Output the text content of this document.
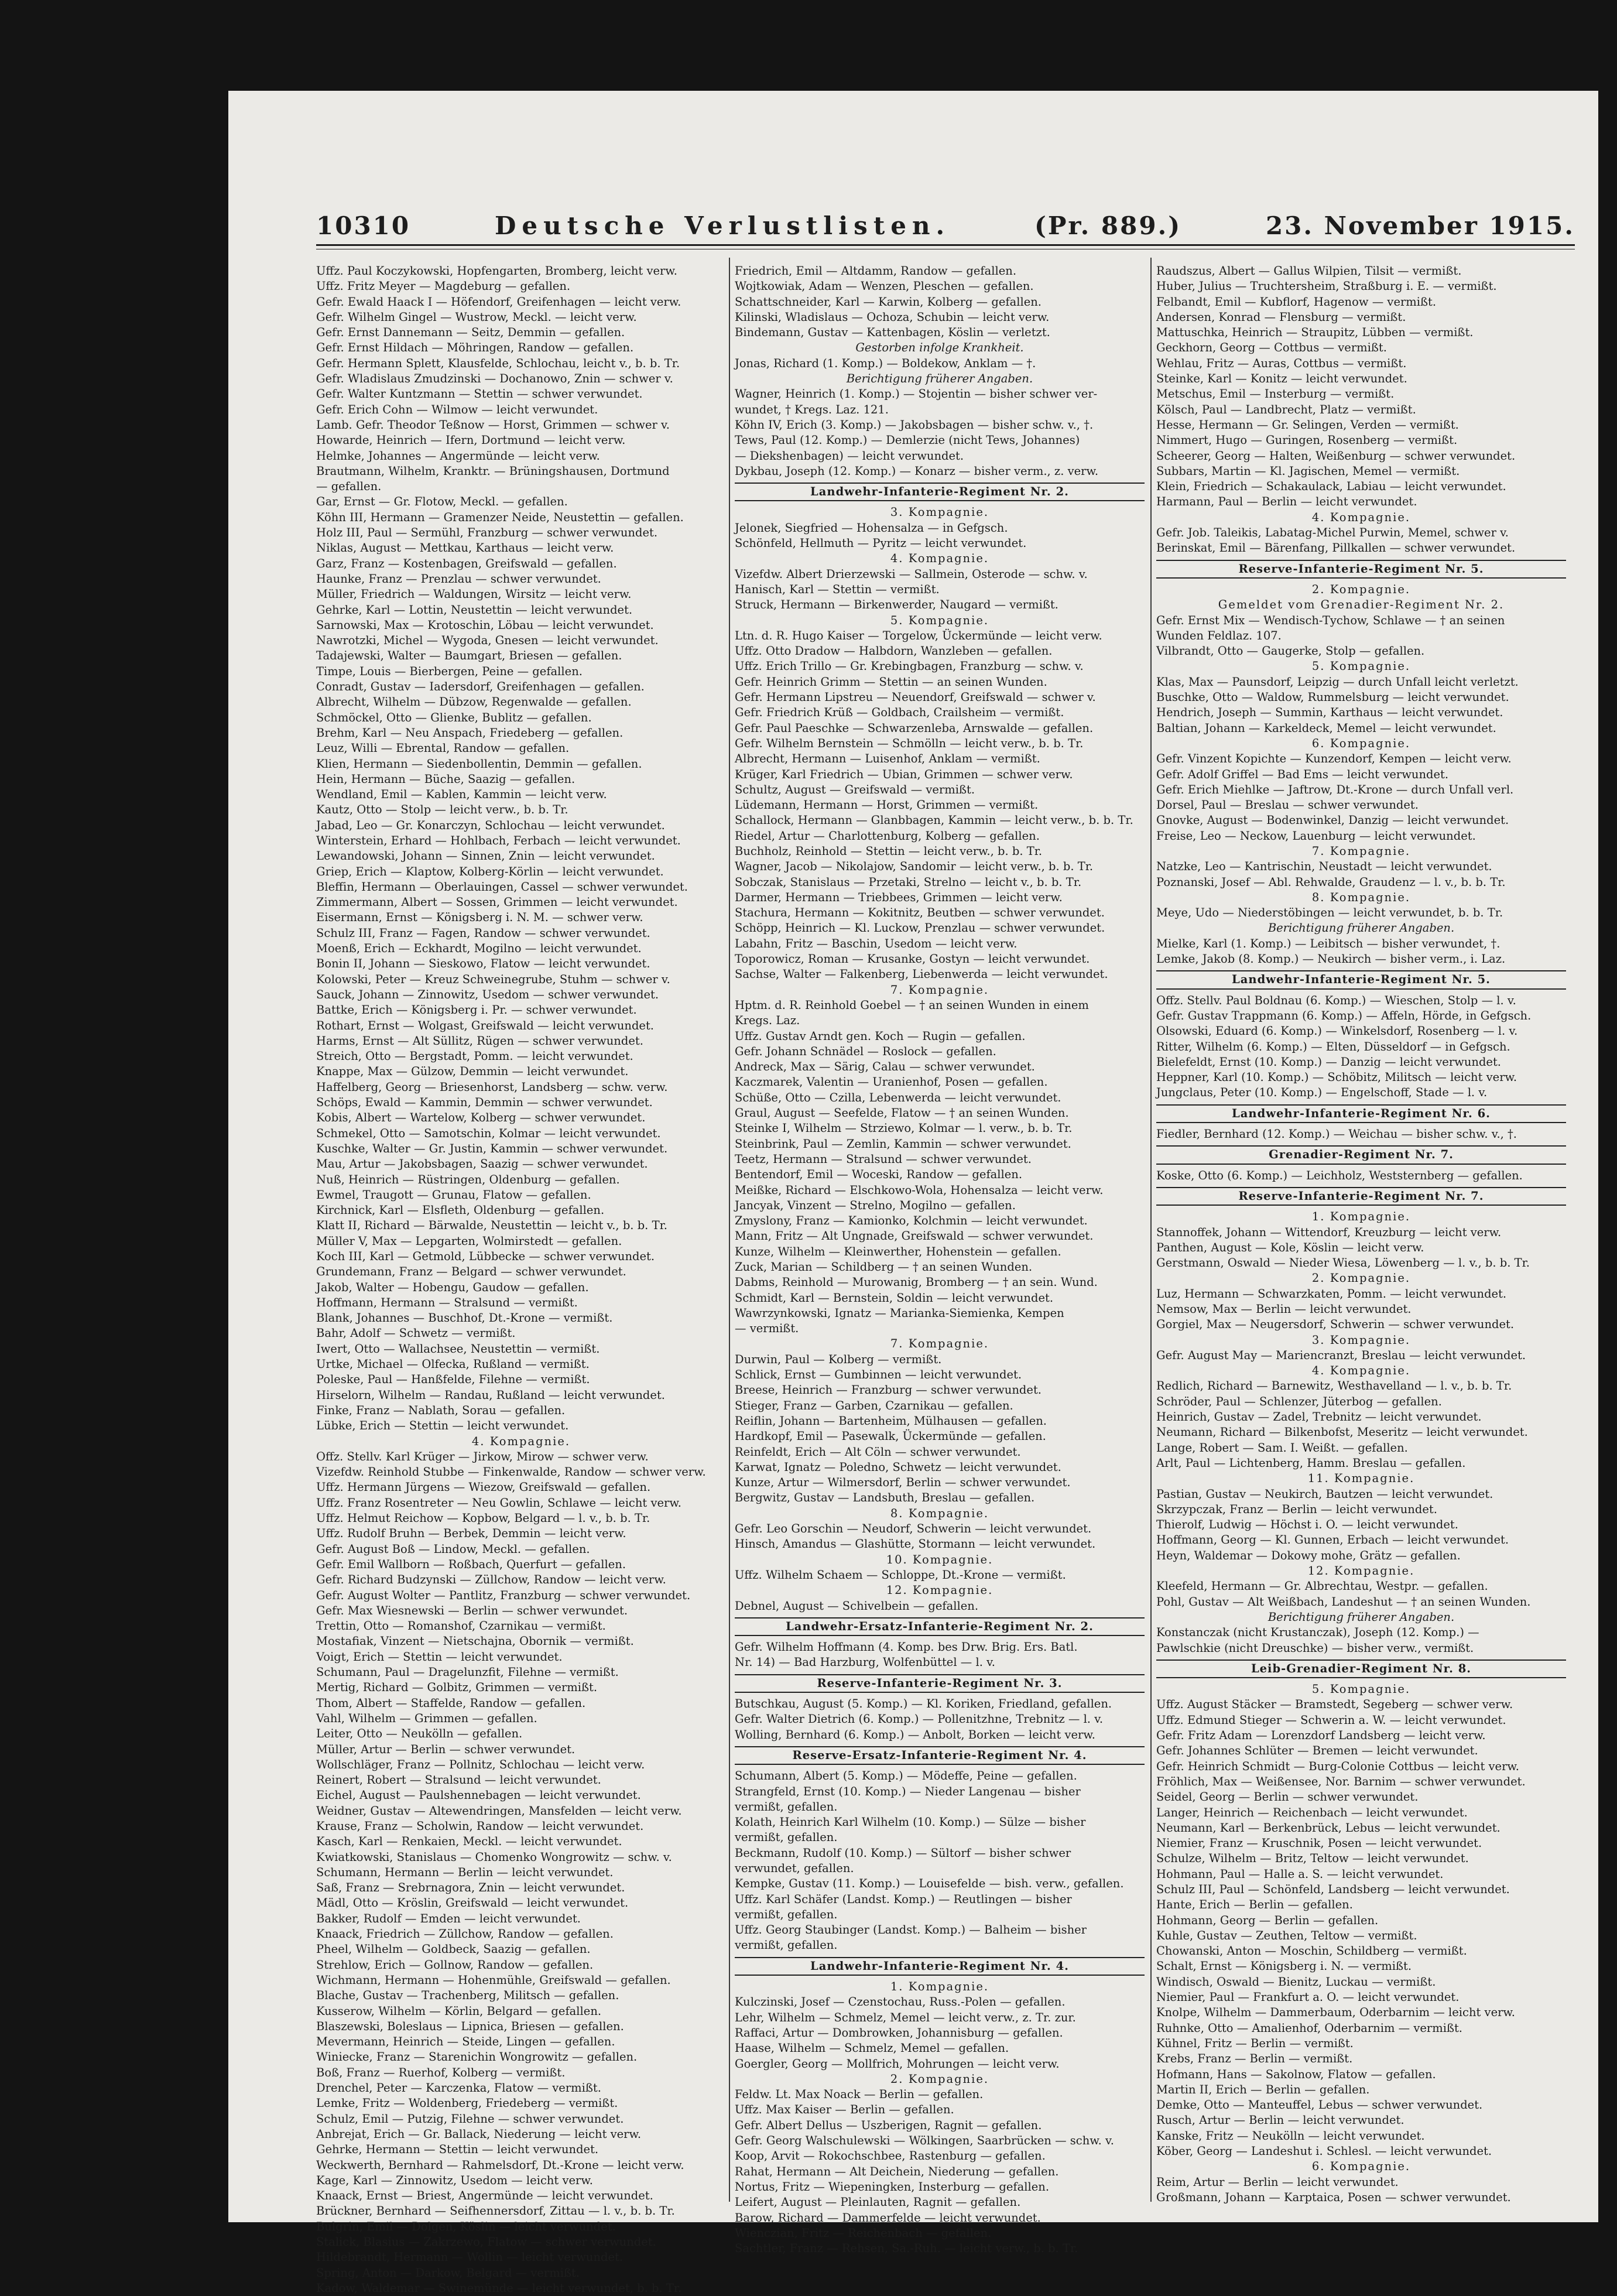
10310	Deutsche Verlustlisten.	(Pr. 889.)	23. November 1915.
Uffz. Paul Koczykowski, Hopfengarten, Bromberg, leicht verw.
Uffz. Fritz Meyer — Magdeburg — gefallen.
Gefr. Ewald Haack I — Höfendorf, Greifenhagen — leicht verw.
Gefr. Wilhelm Gingel — Wustrow, Meckl. — leicht verw.
Gefr. Ernst Dannemann — Seitz, Demmin — gefallen.
Gefr. Ernst Hildach — Möhringen, Randow — gefallen.
Gefr. Hermann Splett, Klausfelde, Schlochau, leicht v., b. b. Tr.
Gefr. Wladislaus Zmudzinski — Dochanowo, Znin — schwer v.
Gefr. Walter Kuntzmann — Stettin — schwer verwundet.
Gefr. Erich Cohn — Wilmow — leicht verwundet.
Lamb. Gefr. Theodor Teßnow — Horst, Grimmen — schwer v.
Howarde, Heinrich — Ifern, Dortmund — leicht verw.
Helmke, Johannes — Angermünde — leicht verw.
Brautmann, Wilhelm, Kranktr. — Brüningshausen, Dortmund
— gefallen.
Gar, Ernst — Gr. Flotow, Meckl. — gefallen.
Köhn III, Hermann — Gramenzer Neide, Neustettin — gefallen.
Holz III, Paul — Sermühl, Franzburg — schwer verwundet.
Niklas, August — Mettkau, Karthaus — leicht verw.
Garz, Franz — Kostenbagen, Greifswald — gefallen.
Haunke, Franz — Prenzlau — schwer verwundet.
Müller, Friedrich — Waldungen, Wirsitz — leicht verw.
Gehrke, Karl — Lottin, Neustettin — leicht verwundet.
Sarnowski, Max — Krotoschin, Löbau — leicht verwundet.
Nawrotzki, Michel — Wygoda, Gnesen — leicht verwundet.
Tadajewski, Walter — Baumgart, Briesen — gefallen.
Timpe, Louis — Bierbergen, Peine — gefallen.
Conradt, Gustav — Iadersdorf, Greifenhagen — gefallen.
Albrecht, Wilhelm — Dübzow, Regenwalde — gefallen.
Schmöckel, Otto — Glienke, Bublitz — gefallen.
Brehm, Karl — Neu Anspach, Friedeberg — gefallen.
Leuz, Willi — Ebrental, Randow — gefallen.
Klien, Hermann — Siedenbollentin, Demmin — gefallen.
Hein, Hermann — Büche, Saazig — gefallen.
Wendland, Emil — Kablen, Kammin — leicht verw.
Kautz, Otto — Stolp — leicht verw., b. b. Tr.
Jabad, Leo — Gr. Konarczyn, Schlochau — leicht verwundet.
Winterstein, Erhard — Hohlbach, Ferbach — leicht verwundet.
Lewandowski, Johann — Sinnen, Znin — leicht verwundet.
Griep, Erich — Klaptow, Kolberg-Körlin — leicht verwundet.
Bleffin, Hermann — Oberlauingen, Cassel — schwer verwundet.
Zimmermann, Albert — Sossen, Grimmen — leicht verwundet.
Eisermann, Ernst — Königsberg i. N. M. — schwer verw.
Schulz III, Franz — Fagen, Randow — schwer verwundet.
Moenß, Erich — Eckhardt, Mogilno — leicht verwundet.
Bonin II, Johann — Sieskowo, Flatow — leicht verwundet.
Kolowski, Peter — Kreuz Schweinegrube, Stuhm — schwer v.
Sauck, Johann — Zinnowitz, Usedom — schwer verwundet.
Battke, Erich — Königsberg i. Pr. — schwer verwundet.
Rothart, Ernst — Wolgast, Greifswald — leicht verwundet.
Harms, Ernst — Alt Süllitz, Rügen — schwer verwundet.
Streich, Otto — Bergstadt, Pomm. — leicht verwundet.
Knappe, Max — Gülzow, Demmin — leicht verwundet.
Haffelberg, Georg — Briesenhorst, Landsberg — schw. verw.
Schöps, Ewald — Kammin, Demmin — schwer verwundet.
Kobis, Albert — Wartelow, Kolberg — schwer verwundet.
Schmekel, Otto — Samotschin, Kolmar — leicht verwundet.
Kuschke, Walter — Gr. Justin, Kammin — schwer verwundet.
Mau, Artur — Jakobsbagen, Saazig — schwer verwundet.
Nuß, Heinrich — Rüstringen, Oldenburg — gefallen.
Ewmel, Traugott — Grunau, Flatow — gefallen.
Kirchnick, Karl — Elsfleth, Oldenburg — gefallen.
Klatt II, Richard — Bärwalde, Neustettin — leicht v., b. b. Tr.
Müller V, Max — Lepgarten, Wolmirstedt — gefallen.
Koch III, Karl — Getmold, Lübbecke — schwer verwundet.
Grundemann, Franz — Belgard — schwer verwundet.
Jakob, Walter — Hobengu, Gaudow — gefallen.
Hoffmann, Hermann — Stralsund — vermißt.
Blank, Johannes — Buschhof, Dt.-Krone — vermißt.
Bahr, Adolf — Schwetz — vermißt.
Iwert, Otto — Wallachsee, Neustettin — vermißt.
Urtke, Michael — Olfecka, Rußland — vermißt.
Poleske, Paul — Hanßfelde, Filehne — vermißt.
Hirselorn, Wilhelm — Randau, Rußland — leicht verwundet.
Finke, Franz — Nablath, Sorau — gefallen.
Lübke, Erich — Stettin — leicht verwundet.
4. Kompagnie.
Offz. Stellv. Karl Krüger — Jirkow, Mirow — schwer verw.
Vizefdw. Reinhold Stubbe — Finkenwalde, Randow — schwer verw.
Uffz. Hermann Jürgens — Wiezow, Greifswald — gefallen.
Uffz. Franz Rosentreter — Neu Gowlin, Schlawe — leicht verw.
Uffz. Helmut Reichow — Kopbow, Belgard — l. v., b. b. Tr.
Uffz. Rudolf Bruhn — Berbek, Demmin — leicht verw.
Gefr. August Boß — Lindow, Meckl. — gefallen.
Gefr. Emil Wallborn — Roßbach, Querfurt — gefallen.
Gefr. Richard Budzynski — Züllchow, Randow — leicht verw.
Gefr. August Wolter — Pantlitz, Franzburg — schwer verwundet.
Gefr. Max Wiesnewski — Berlin — schwer verwundet.
Trettin, Otto — Romanshof, Czarnikau — vermißt.
Mostafiak, Vinzent — Nietschajna, Obornik — vermißt.
Voigt, Erich — Stettin — leicht verwundet.
Schumann, Paul — Dragelunzfit, Filehne — vermißt.
Mertig, Richard — Golbitz, Grimmen — vermißt.
Thom, Albert — Staffelde, Randow — gefallen.
Vahl, Wilhelm — Grimmen — gefallen.
Leiter, Otto — Neukölln — gefallen.
Müller, Artur — Berlin — schwer verwundet.
Wollschläger, Franz — Pollnitz, Schlochau — leicht verw.
Reinert, Robert — Stralsund — leicht verwundet.
Eichel, August — Paulshennebagen — leicht verwundet.
Weidner, Gustav — Altewendringen, Mansfelden — leicht verw.
Krause, Franz — Scholwin, Randow — leicht verwundet.
Kasch, Karl — Renkaien, Meckl. — leicht verwundet.
Kwiatkowski, Stanislaus — Chomenko Wongrowitz — schw. v.
Schumann, Hermann — Berlin — leicht verwundet.
Saß, Franz — Srebrnagora, Znin — leicht verwundet.
Mädl, Otto — Kröslin, Greifswald — leicht verwundet.
Bakker, Rudolf — Emden — leicht verwundet.
Knaack, Friedrich — Züllchow, Randow — gefallen.
Pheel, Wilhelm — Goldbeck, Saazig — gefallen.
Strehlow, Erich — Gollnow, Randow — gefallen.
Wichmann, Hermann — Hohenmühle, Greifswald — gefallen.
Blache, Gustav — Trachenberg, Militsch — gefallen.
Kusserow, Wilhelm — Körlin, Belgard — gefallen.
Blaszewski, Boleslaus — Lipnica, Briesen — gefallen.
Mevermann, Heinrich — Steide, Lingen — gefallen.
Winiecke, Franz — Starenichin Wongrowitz — gefallen.
Boß, Franz — Ruerhof, Kolberg — vermißt.
Drenchel, Peter — Karczenka, Flatow — vermißt.
Lemke, Fritz — Woldenberg, Friedeberg — vermißt.
Schulz, Emil — Putzig, Filehne — schwer verwundet.
Anbrejat, Erich — Gr. Ballack, Niederung — leicht verw.
Gehrke, Hermann — Stettin — leicht verwundet.
Weckwerth, Bernhard — Rahmelsdorf, Dt.-Krone — leicht verw.
Kage, Karl — Zinnowitz, Usedom — leicht verw.
Knaack, Ernst — Briest, Angermünde — leicht verwundet.
Brückner, Bernhard — Seifhennersdorf, Zittau — l. v., b. b. Tr.
Bulgrin, Emil — Dolgen, Köslin — leicht verwundet.
Stalick, Blasius — Zakrzewo, Flatow — schwer verwundet.
Hildebrandt, Hermann — Wollin — leicht verwundet.
Spring, Anton — Darkow, Belgard — vermißt.
Kadow, Waldemar — Swinemünde — leicht verwundet, b. b. Tr.
Friedrich, Emil — Altdamm, Randow — gefallen.
Wojtkowiak, Adam — Wenzen, Pleschen — gefallen.
Schattschneider, Karl — Karwin, Kolberg — gefallen.
Kilinski, Wladislaus — Ochoza, Schubin — leicht verw.
Bindemann, Gustav — Kattenbagen, Köslin — verletzt.
Gestorben infolge Krankheit.
Jonas, Richard (1. Komp.) — Boldekow, Anklam — †.
Berichtigung früherer Angaben.
Wagner, Heinrich (1. Komp.) — Stojentin — bisher schwer ver-
wundet, † Kregs. Laz. 121.
Köhn IV, Erich (3. Komp.) — Jakobsbagen — bisher schw. v., †.
Tews, Paul (12. Komp.) — Demlerzie (nicht Tews, Johannes)
— Diekshenbagen) — leicht verwundet.
Dykbau, Joseph (12. Komp.) — Konarz — bisher verm., z. verw.
Landwehr-Infanterie-Regiment Nr. 2.
3. Kompagnie.
Jelonek, Siegfried — Hohensalza — in Gefgsch.
Schönfeld, Hellmuth — Pyritz — leicht verwundet.
4. Kompagnie.
Vizefdw. Albert Drierzewski — Sallmein, Osterode — schw. v.
Hanisch, Karl — Stettin — vermißt.
Struck, Hermann — Birkenwerder, Naugard — vermißt.
5. Kompagnie.
Ltn. d. R. Hugo Kaiser — Torgelow, Ückermünde — leicht verw.
Uffz. Otto Dradow — Halbdorn, Wanzleben — gefallen.
Uffz. Erich Trillo — Gr. Krebingbagen, Franzburg — schw. v.
Gefr. Heinrich Grimm — Stettin — an seinen Wunden.
Gefr. Hermann Lipstreu — Neuendorf, Greifswald — schwer v.
Gefr. Friedrich Krüß — Goldbach, Crailsheim — vermißt.
Gefr. Paul Paeschke — Schwarzenleba, Arnswalde — gefallen.
Gefr. Wilhelm Bernstein — Schmölln — leicht verw., b. b. Tr.
Albrecht, Hermann — Luisenhof, Anklam — vermißt.
Krüger, Karl Friedrich — Ubian, Grimmen — schwer verw.
Schultz, August — Greifswald — vermißt.
Lüdemann, Hermann — Horst, Grimmen — vermißt.
Schallock, Hermann — Glanbbagen, Kammin — leicht verw., b. b. Tr.
Riedel, Artur — Charlottenburg, Kolberg — gefallen.
Buchholz, Reinhold — Stettin — leicht verw., b. b. Tr.
Wagner, Jacob — Nikolajow, Sandomir — leicht verw., b. b. Tr.
Sobczak, Stanislaus — Przetaki, Strelno — leicht v., b. b. Tr.
Darmer, Hermann — Triebbees, Grimmen — leicht verw.
Stachura, Hermann — Kokitnitz, Beutben — schwer verwundet.
Schöpp, Heinrich — Kl. Luckow, Prenzlau — schwer verwundet.
Labahn, Fritz — Baschin, Usedom — leicht verw.
Toporowicz, Roman — Krusanke, Gostyn — leicht verwundet.
Sachse, Walter — Falkenberg, Liebenwerda — leicht verwundet.
7. Kompagnie.
Hptm. d. R. Reinhold Goebel — † an seinen Wunden in einem
Kregs. Laz.
Uffz. Gustav Arndt gen. Koch — Rugin — gefallen.
Gefr. Johann Schnädel — Roslock — gefallen.
Andreck, Max — Särig, Calau — schwer verwundet.
Kaczmarek, Valentin — Uranienhof, Posen — gefallen.
Schüße, Otto — Czilla, Lebenwerda — leicht verwundet.
Graul, August — Seefelde, Flatow — † an seinen Wunden.
Steinke I, Wilhelm — Strziewo, Kolmar — l. verw., b. b. Tr.
Steinbrink, Paul — Zemlin, Kammin — schwer verwundet.
Teetz, Hermann — Stralsund — schwer verwundet.
Bentendorf, Emil — Woceski, Randow — gefallen.
Meißke, Richard — Elschkowo-Wola, Hohensalza — leicht verw.
Jancyak, Vinzent — Strelno, Mogilno — gefallen.
Zmyslony, Franz — Kamionko, Kolchmin — leicht verwundet.
Mann, Fritz — Alt Ungnade, Greifswald — schwer verwundet.
Kunze, Wilhelm — Kleinwerther, Hohenstein — gefallen.
Zuck, Marian — Schildberg — † an seinen Wunden.
Dabms, Reinhold — Murowanig, Bromberg — † an sein. Wund.
Schmidt, Karl — Bernstein, Soldin — leicht verwundet.
Wawrzynkowski, Ignatz — Marianka-Siemienka, Kempen
— vermißt.
7. Kompagnie.
Durwin, Paul — Kolberg — vermißt.
Schlick, Ernst — Gumbinnen — leicht verwundet.
Breese, Heinrich — Franzburg — schwer verwundet.
Stieger, Franz — Garben, Czarnikau — gefallen.
Reiflin, Johann — Bartenheim, Mülhausen — gefallen.
Hardkopf, Emil — Pasewalk, Ückermünde — gefallen.
Reinfeldt, Erich — Alt Cöln — schwer verwundet.
Karwat, Ignatz — Poledno, Schwetz — leicht verwundet.
Kunze, Artur — Wilmersdorf, Berlin — schwer verwundet.
Bergwitz, Gustav — Landsbuth, Breslau — gefallen.
8. Kompagnie.
Gefr. Leo Gorschin — Neudorf, Schwerin — leicht verwundet.
Hinsch, Amandus — Glashütte, Stormann — leicht verwundet.
10. Kompagnie.
Uffz. Wilhelm Schaem — Schloppe, Dt.-Krone — vermißt.
12. Kompagnie.
Debnel, August — Schivelbein — gefallen.
Landwehr-Ersatz-Infanterie-Regiment Nr. 2.
Gefr. Wilhelm Hoffmann (4. Komp. bes Drw. Brig. Ers. Batl.
Nr. 14) — Bad Harzburg, Wolfenbüttel — l. v.
Reserve-Infanterie-Regiment Nr. 3.
Butschkau, August (5. Komp.) — Kl. Koriken, Friedland, gefallen.
Gefr. Walter Dietrich (6. Komp.) — Pollenitzhne, Trebnitz — l. v.
Wolling, Bernhard (6. Komp.) — Anbolt, Borken — leicht verw.
Reserve-Ersatz-Infanterie-Regiment Nr. 4.
Schumann, Albert (5. Komp.) — Mödeffe, Peine — gefallen.
Strangfeld, Ernst (10. Komp.) — Nieder Langenau — bisher
vermißt, gefallen.
Kolath, Heinrich Karl Wilhelm (10. Komp.) — Sülze — bisher
vermißt, gefallen.
Beckmann, Rudolf (10. Komp.) — Sültorf — bisher schwer
verwundet, gefallen.
Kempke, Gustav (11. Komp.) — Louisefelde — bish. verw., gefallen.
Uffz. Karl Schäfer (Landst. Komp.) — Reutlingen — bisher
vermißt, gefallen.
Uffz. Georg Staubinger (Landst. Komp.) — Balheim — bisher
vermißt, gefallen.
Landwehr-Infanterie-Regiment Nr. 4.
1. Kompagnie.
Kulczinski, Josef — Czenstochau, Russ.-Polen — gefallen.
Lehr, Wilhelm — Schmelz, Memel — leicht verw., z. Tr. zur.
Raffaci, Artur — Dombrowken, Johannisburg — gefallen.
Haase, Wilhelm — Schmelz, Memel — gefallen.
Goergler, Georg — Mollfrich, Mohrungen — leicht verw.
2. Kompagnie.
Feldw. Lt. Max Noack — Berlin — gefallen.
Uffz. Max Kaiser — Berlin — gefallen.
Gefr. Albert Dellus — Uszberigen, Ragnit — gefallen.
Gefr. Georg Walschulewski — Wölkingen, Saarbrücken — schw. v.
Koop, Arvit — Rokochschbee, Rastenburg — gefallen.
Rahat, Hermann — Alt Deichein, Niederung — gefallen.
Nortus, Fritz — Wiepeningken, Insterburg — gefallen.
Leifert, August — Pleinlauten, Ragnit — gefallen.
Barow, Richard — Dammerfelde — leicht verwundet.
Wienczian, Fritz — Reichenbach — gefallen.
Sachtler, Franz — Rehsen, Sa.-Ruh. — leicht verw., b. b. Tr.
Raudszus, Albert — Gallus Wilpien, Tilsit — vermißt.
Huber, Julius — Truchtersheim, Straßburg i. E. — vermißt.
Felbandt, Emil — Kubflorf, Hagenow — vermißt.
Andersen, Konrad — Flensburg — vermißt.
Mattuschka, Heinrich — Straupitz, Lübben — vermißt.
Geckhorn, Georg — Cottbus — vermißt.
Wehlau, Fritz — Auras, Cottbus — vermißt.
Steinke, Karl — Konitz — leicht verwundet.
Metschus, Emil — Insterburg — vermißt.
Kölsch, Paul — Landbrecht, Platz — vermißt.
Hesse, Hermann — Gr. Selingen, Verden — vermißt.
Nimmert, Hugo — Guringen, Rosenberg — vermißt.
Scheerer, Georg — Halten, Weißenburg — schwer verwundet.
Subbars, Martin — Kl. Jagischen, Memel — vermißt.
Klein, Friedrich — Schakaulack, Labiau — leicht verwundet.
Harmann, Paul — Berlin — leicht verwundet.
4. Kompagnie.
Gefr. Job. Taleikis, Labatag-Michel Purwin, Memel, schwer v.
Berinskat, Emil — Bärenfang, Pillkallen — schwer verwundet.
Reserve-Infanterie-Regiment Nr. 5.
2. Kompagnie.
Gemeldet vom Grenadier-Regiment Nr. 2.
Gefr. Ernst Mix — Wendisch-Tychow, Schlawe — † an seinen
Wunden Feldlaz. 107.
Vilbrandt, Otto — Gaugerke, Stolp — gefallen.
5. Kompagnie.
Klas, Max — Paunsdorf, Leipzig — durch Unfall leicht verletzt.
Buschke, Otto — Waldow, Rummelsburg — leicht verwundet.
Hendrich, Joseph — Summin, Karthaus — leicht verwundet.
Baltian, Johann — Karkeldeck, Memel — leicht verwundet.
6. Kompagnie.
Gefr. Vinzent Kopichte — Kunzendorf, Kempen — leicht verw.
Gefr. Adolf Griffel — Bad Ems — leicht verwundet.
Gefr. Erich Miehlke — Jaftrow, Dt.-Krone — durch Unfall verl.
Dorsel, Paul — Breslau — schwer verwundet.
Gnovke, August — Bodenwinkel, Danzig — leicht verwundet.
Freise, Leo — Neckow, Lauenburg — leicht verwundet.
7. Kompagnie.
Natzke, Leo — Kantrischin, Neustadt — leicht verwundet.
Poznanski, Josef — Abl. Rehwalde, Graudenz — l. v., b. b. Tr.
8. Kompagnie.
Meye, Udo — Niederstöbingen — leicht verwundet, b. b. Tr.
Berichtigung früherer Angaben.
Mielke, Karl (1. Komp.) — Leibitsch — bisher verwundet, †.
Lemke, Jakob (8. Komp.) — Neukirch — bisher verm., i. Laz.
Landwehr-Infanterie-Regiment Nr. 5.
Offz. Stellv. Paul Boldnau (6. Komp.) — Wieschen, Stolp — l. v.
Gefr. Gustav Trappmann (6. Komp.) — Affeln, Hörde, in Gefgsch.
Olsowski, Eduard (6. Komp.) — Winkelsdorf, Rosenberg — l. v.
Ritter, Wilhelm (6. Komp.) — Elten, Düsseldorf — in Gefgsch.
Bielefeldt, Ernst (10. Komp.) — Danzig — leicht verwundet.
Heppner, Karl (10. Komp.) — Schöbitz, Militsch — leicht verw.
Jungclaus, Peter (10. Komp.) — Engelschoff, Stade — l. v.
Landwehr-Infanterie-Regiment Nr. 6.
Fiedler, Bernhard (12. Komp.) — Weichau — bisher schw. v., †.
Grenadier-Regiment Nr. 7.
Koske, Otto (6. Komp.) — Leichholz, Weststernberg — gefallen.
Reserve-Infanterie-Regiment Nr. 7.
1. Kompagnie.
Stannoffek, Johann — Wittendorf, Kreuzburg — leicht verw.
Panthen, August — Kole, Köslin — leicht verw.
Gerstmann, Oswald — Nieder Wiesa, Löwenberg — l. v., b. b. Tr.
2. Kompagnie.
Luz, Hermann — Schwarzkaten, Pomm. — leicht verwundet.
Nemsow, Max — Berlin — leicht verwundet.
Gorgiel, Max — Neugersdorf, Schwerin — schwer verwundet.
3. Kompagnie.
Gefr. August May — Mariencranzt, Breslau — leicht verwundet.
4. Kompagnie.
Redlich, Richard — Barnewitz, Westhavelland — l. v., b. b. Tr.
Schröder, Paul — Schlenzer, Jüterbog — gefallen.
Heinrich, Gustav — Zadel, Trebnitz — leicht verwundet.
Neumann, Richard — Bilkenbofst, Meseritz — leicht verwundet.
Lange, Robert — Sam. I. Weißt. — gefallen.
Arlt, Paul — Lichtenberg, Hamm. Breslau — gefallen.
11. Kompagnie.
Pastian, Gustav — Neukirch, Bautzen — leicht verwundet.
Skrzypczak, Franz — Berlin — leicht verwundet.
Thierolf, Ludwig — Höchst i. O. — leicht verwundet.
Hoffmann, Georg — Kl. Gunnen, Erbach — leicht verwundet.
Heyn, Waldemar — Dokowy mohe, Grätz — gefallen.
12. Kompagnie.
Kleefeld, Hermann — Gr. Albrechtau, Westpr. — gefallen.
Pohl, Gustav — Alt Weißbach, Landeshut — † an seinen Wunden.
Berichtigung früherer Angaben.
Konstanczak (nicht Krustanczak), Joseph (12. Komp.) —
Pawlschkie (nicht Dreuschke) — bisher verw., vermißt.
Leib-Grenadier-Regiment Nr. 8.
5. Kompagnie.
Uffz. August Stäcker — Bramstedt, Segeberg — schwer verw.
Uffz. Edmund Stieger — Schwerin a. W. — leicht verwundet.
Gefr. Fritz Adam — Lorenzdorf Landsberg — leicht verw.
Gefr. Johannes Schlüter — Bremen — leicht verwundet.
Gefr. Heinrich Schmidt — Burg-Colonie Cottbus — leicht verw.
Fröhlich, Max — Weißensee, Nor. Barnim — schwer verwundet.
Seidel, Georg — Berlin — schwer verwundet.
Langer, Heinrich — Reichenbach — leicht verwundet.
Neumann, Karl — Berkenbrück, Lebus — leicht verwundet.
Niemier, Franz — Kruschnik, Posen — leicht verwundet.
Schulze, Wilhelm — Britz, Teltow — leicht verwundet.
Hohmann, Paul — Halle a. S. — leicht verwundet.
Schulz III, Paul — Schönfeld, Landsberg — leicht verwundet.
Hante, Erich — Berlin — gefallen.
Hohmann, Georg — Berlin — gefallen.
Kuhle, Gustav — Zeuthen, Teltow — vermißt.
Chowanski, Anton — Moschin, Schildberg — vermißt.
Schalt, Ernst — Königsberg i. N. — vermißt.
Windisch, Oswald — Bienitz, Luckau — vermißt.
Niemier, Paul — Frankfurt a. O. — leicht verwundet.
Knolpe, Wilhelm — Dammerbaum, Oderbarnim — leicht verw.
Ruhnke, Otto — Amalienhof, Oderbarnim — vermißt.
Kühnel, Fritz — Berlin — vermißt.
Krebs, Franz — Berlin — vermißt.
Hofmann, Hans — Sakolnow, Flatow — gefallen.
Martin II, Erich — Berlin — gefallen.
Demke, Otto — Manteuffel, Lebus — schwer verwundet.
Rusch, Artur — Berlin — leicht verwundet.
Kanske, Fritz — Neukölln — leicht verwundet.
Köber, Georg — Landeshut i. Schlesl. — leicht verwundet.
6. Kompagnie.
Reim, Artur — Berlin — leicht verwundet.
Großmann, Johann — Karptaica, Posen — schwer verwundet.
